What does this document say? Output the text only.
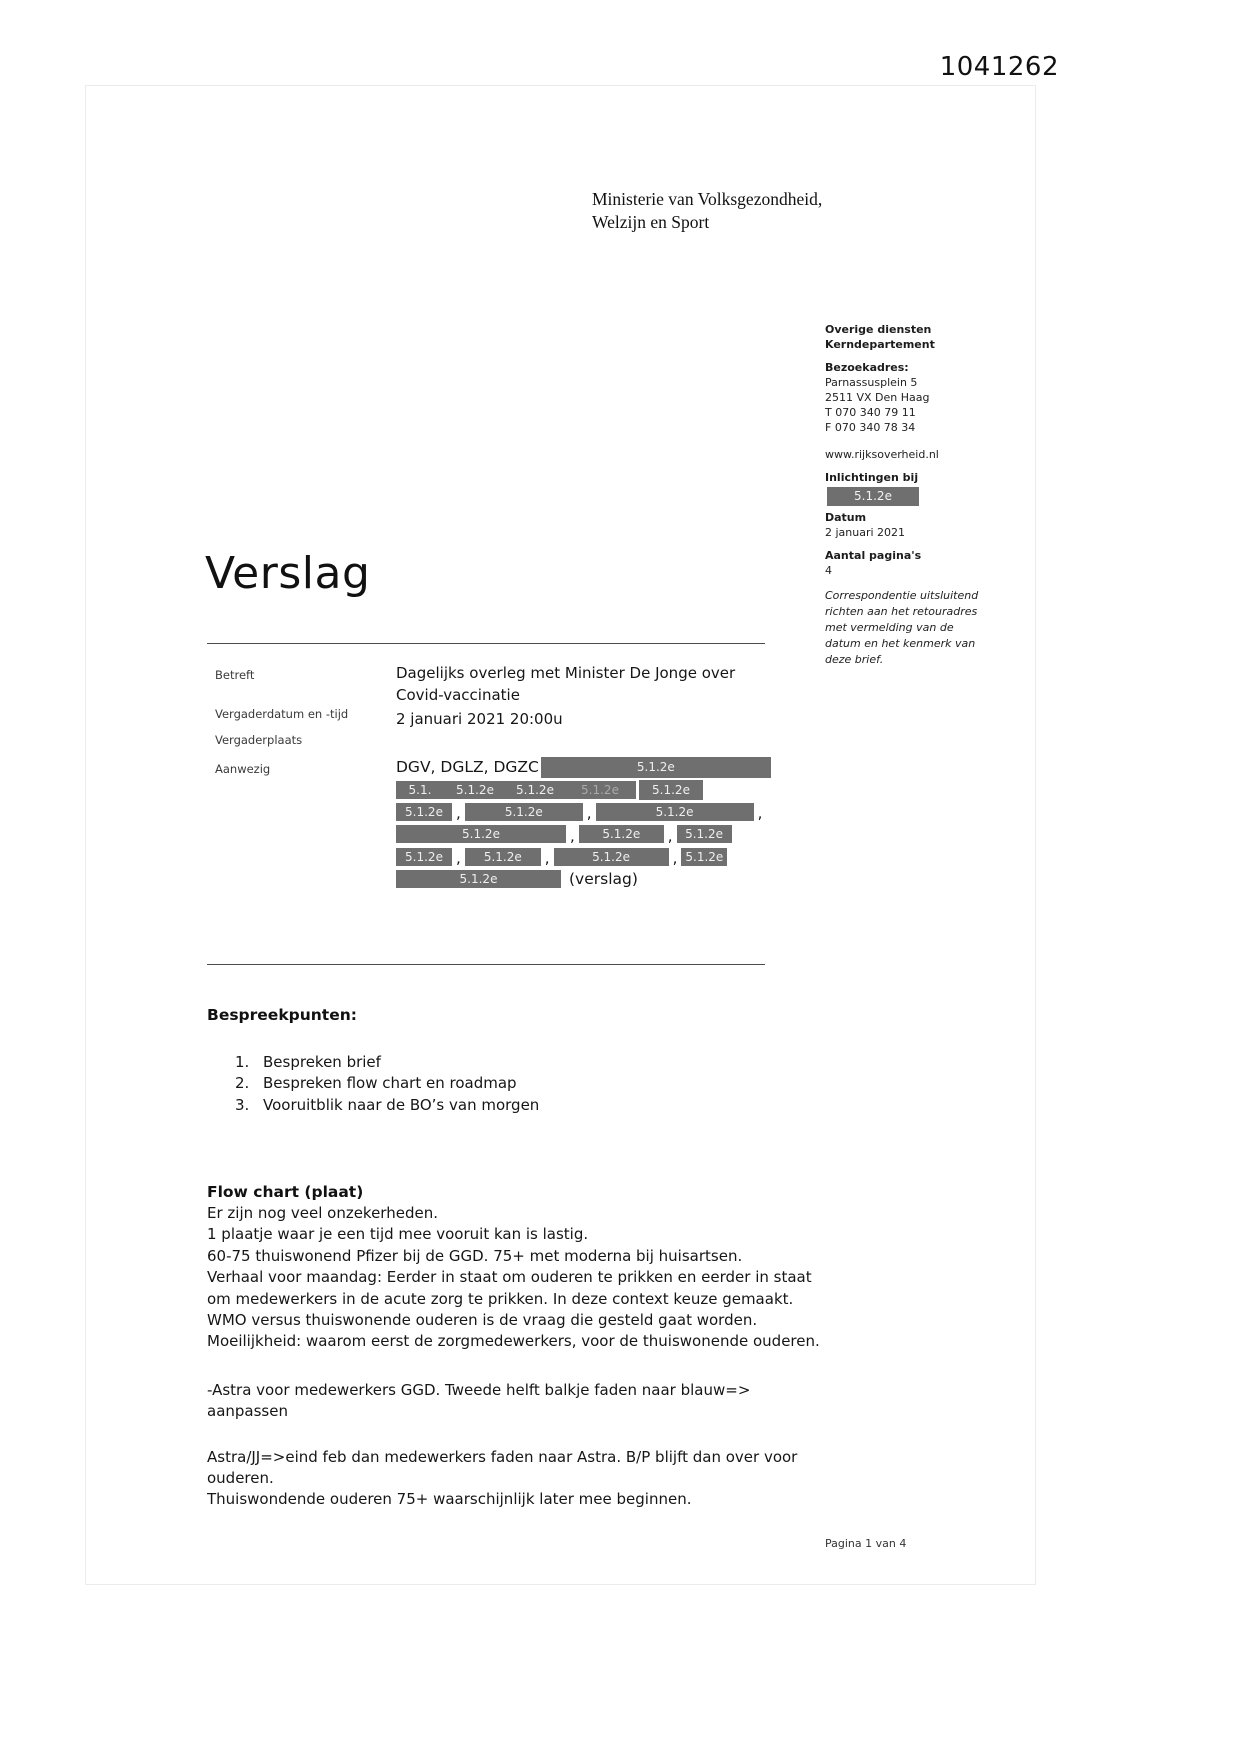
1041262
Ministerie van Volksgezondheid,
Welzijn en Sport
Overige diensten
Kerndepartement
Bezoekadres:
Parnassusplein 5
2511 VX Den Haag
T 070 340 79 11
F 070 340 78 34
www.rijksoverheid.nl
Inlichtingen bij
5.1.2e
Datum
2 januari 2021
Aantal pagina's
4
Correspondentie uitsluitend richten aan het retouradres met vermelding van de datum en het kenmerk van deze brief.
Verslag
Betreft	Dagelijks overleg met Minister De Jonge over Covid-vaccinatie
Vergaderdatum en -tijd	2 januari 2021 20:00u
Vergaderplaats
Aanwezig	DGV, DGLZ, DGZC	5.1.2e
5.1.	5.1.2e	5.1.2e	5.1.2e	5.1.2e
5.1.2e ,	5.1.2e	,	5.1.2e	,
5.1.2e	,	5.1.2e	,	5.1.2e
5.1.2e ,	5.1.2e	,	5.1.2e	, 5.1.2e
5.1.2e	(verslag)
Bespreekpunten:
1. Bespreken brief
2. Bespreken flow chart en roadmap
3. Vooruitblik naar de BO’s van morgen
Flow chart (plaat)
Er zijn nog veel onzekerheden.
1 plaatje waar je een tijd mee vooruit kan is lastig.
60-75 thuiswonend Pfizer bij de GGD. 75+ met moderna bij huisartsen.
Verhaal voor maandag: Eerder in staat om ouderen te prikken en eerder in staat
om medewerkers in de acute zorg te prikken. In deze context keuze gemaakt.
WMO versus thuiswonende ouderen is de vraag die gesteld gaat worden.
Moeilijkheid: waarom eerst de zorgmedewerkers, voor de thuiswonende ouderen.
-Astra voor medewerkers GGD. Tweede helft balkje faden naar blauw=>
aanpassen
Astra/JJ=>eind feb dan medewerkers faden naar Astra. B/P blijft dan over voor
ouderen.
Thuiswondende ouderen 75+ waarschijnlijk later mee beginnen.
Pagina 1 van 4
